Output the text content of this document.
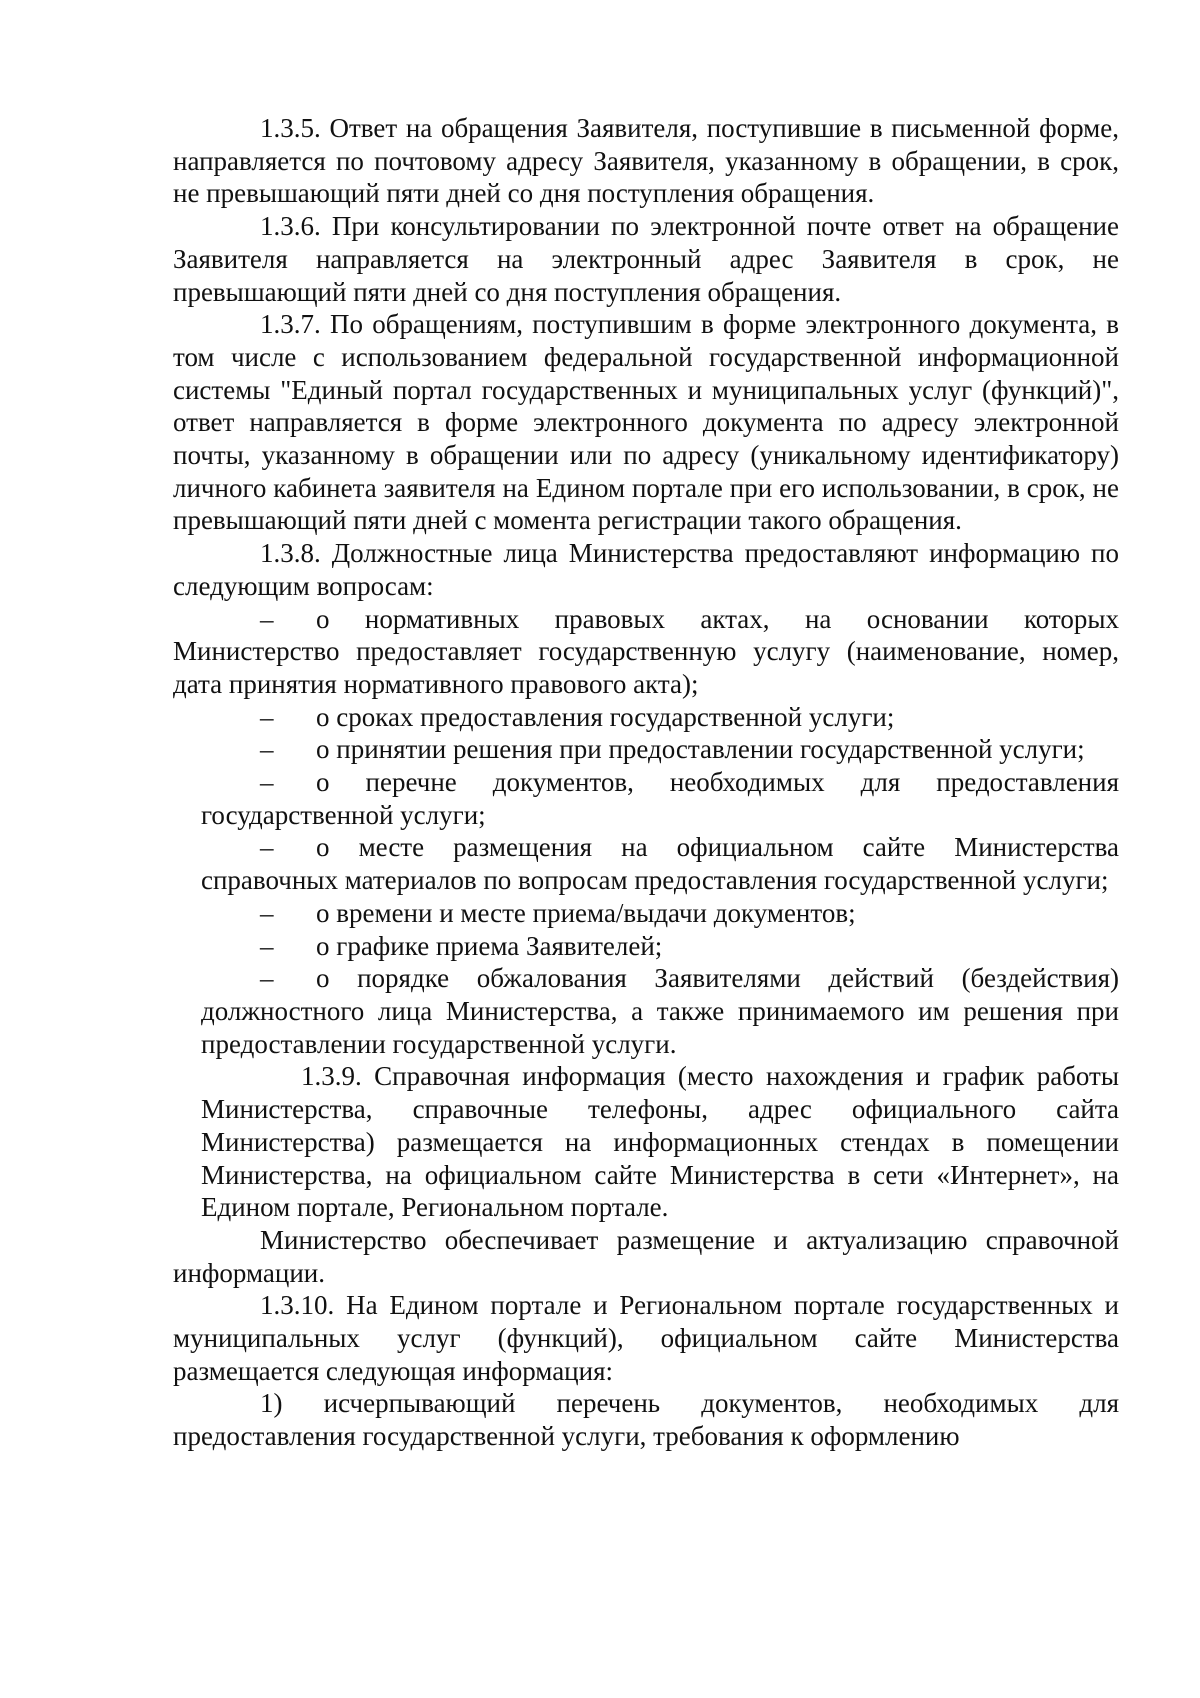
1.3.5. Ответ на обращения Заявителя, поступившие в письменной форме, направляется по почтовому адресу Заявителя, указанному в обращении, в срок, не превышающий пяти дней со дня поступления обращения.

1.3.6. При консультировании по электронной почте ответ на обращение Заявителя направляется на электронный адрес Заявителя в срок, не превышающий пяти дней со дня поступления обращения.

1.3.7. По обращениям, поступившим в форме электронного документа, в том числе с использованием федеральной государственной информационной системы "Единый портал государственных и муниципальных услуг (функций)", ответ направляется в форме электронного документа по адресу электронной почты, указанному в обращении или по адресу (уникальному идентификатору) личного кабинета заявителя на Едином портале при его использовании, в срок, не превышающий пяти дней с момента регистрации такого обращения.

1.3.8. Должностные лица Министерства предоставляют информацию по следующим вопросам:

– о нормативных правовых актах, на основании которых Министерство предоставляет государственную услугу (наименование, номер, дата принятия нормативного правового акта);

– о сроках предоставления государственной услуги;

– о принятии решения при предоставлении государственной услуги;

– о перечне документов, необходимых для предоставления государственной услуги;

– о месте размещения на официальном сайте Министерства справочных материалов по вопросам предоставления государственной услуги;

– о времени и месте приема/выдачи документов;

– о графике приема Заявителей;

– о порядке обжалования Заявителями действий (бездействия) должностного лица Министерства, а также принимаемого им решения при предоставлении государственной услуги.

1.3.9. Справочная информация (место нахождения и график работы Министерства, справочные телефоны, адрес официального сайта Министерства) размещается на информационных стендах в помещении Министерства, на официальном сайте Министерства в сети «Интернет», на Едином портале, Региональном портале.

Министерство обеспечивает размещение и актуализацию справочной информации.

1.3.10. На Едином портале и Региональном портале государственных и муниципальных услуг (функций), официальном сайте Министерства размещается следующая информация:

1) исчерпывающий перечень документов, необходимых для предоставления государственной услуги, требования к оформлению
